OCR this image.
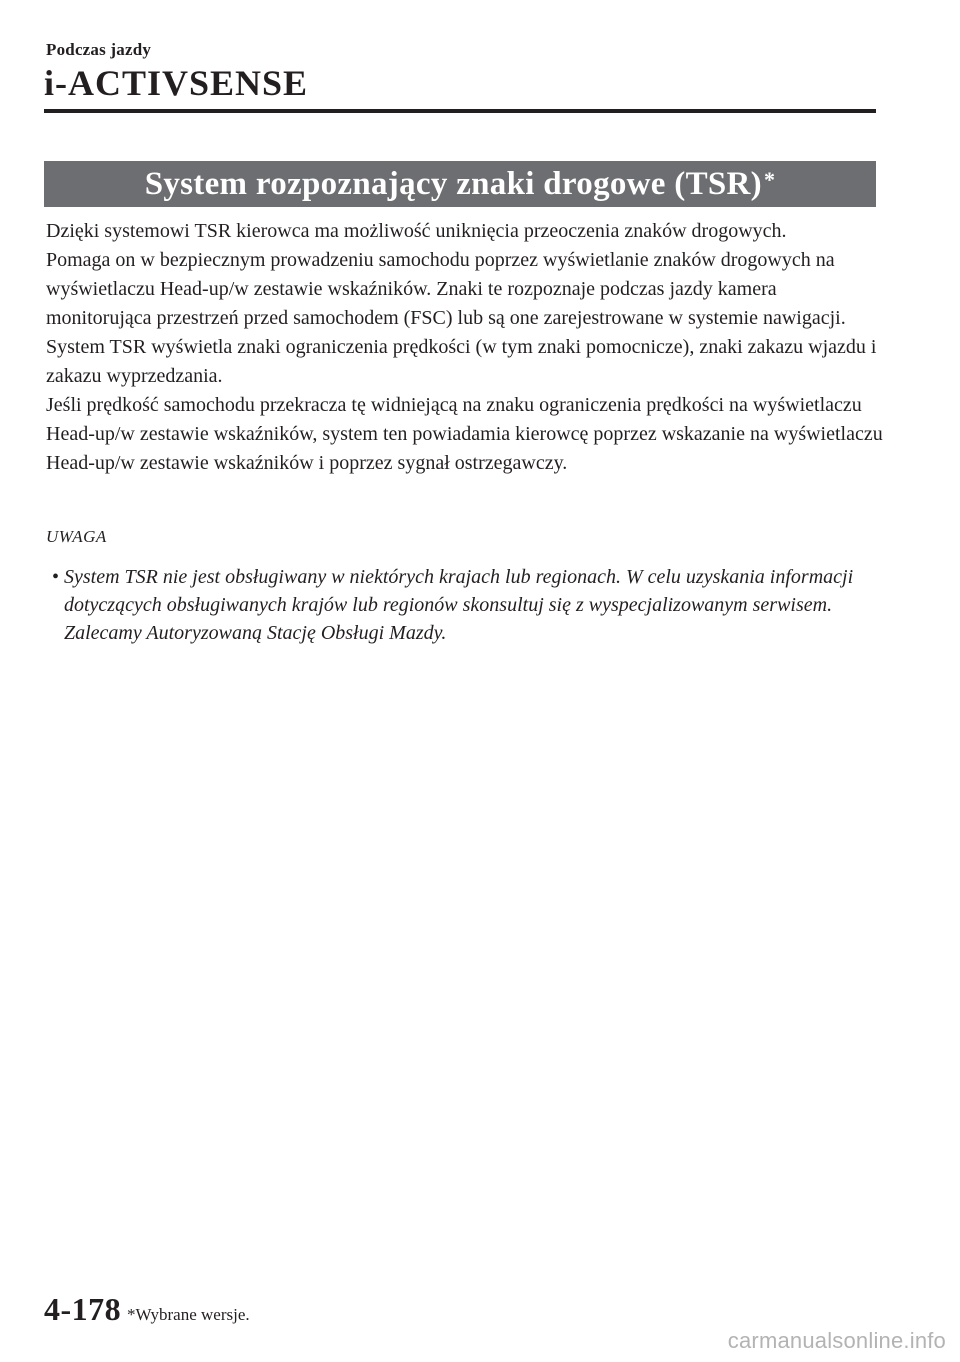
Podczas jazdy
i-ACTIVSENSE
System rozpoznający znaki drogowe (TSR)*

Dzięki systemowi TSR kierowca ma możliwość uniknięcia przeoczenia znaków drogowych.

Pomaga on w bezpiecznym prowadzeniu samochodu poprzez wyświetlanie znaków drogowych na wyświetlaczu Head-up/w zestawie wskaźników. Znaki te rozpoznaje podczas jazdy kamera monitorująca przestrzeń przed samochodem (FSC) lub są one zarejestrowane w systemie nawigacji.

System TSR wyświetla znaki ograniczenia prędkości (w tym znaki pomocnicze), znaki zakazu wjazdu i zakazu wyprzedzania.

Jeśli prędkość samochodu przekracza tę widniejącą na znaku ograniczenia prędkości na wyświetlaczu Head-up/w zestawie wskaźników, system ten powiadamia kierowcę poprzez wskazanie na wyświetlaczu Head-up/w zestawie wskaźników i poprzez sygnał ostrzegawczy.

UWAGA
• System TSR nie jest obsługiwany w niektórych krajach lub regionach. W celu uzyskania informacji dotyczących obsługiwanych krajów lub regionów skonsultuj się z wyspecjalizowanym serwisem. Zalecamy Autoryzowaną Stację Obsługi Mazdy.
4-178 *Wybrane wersje.
carmanualsonline.info
